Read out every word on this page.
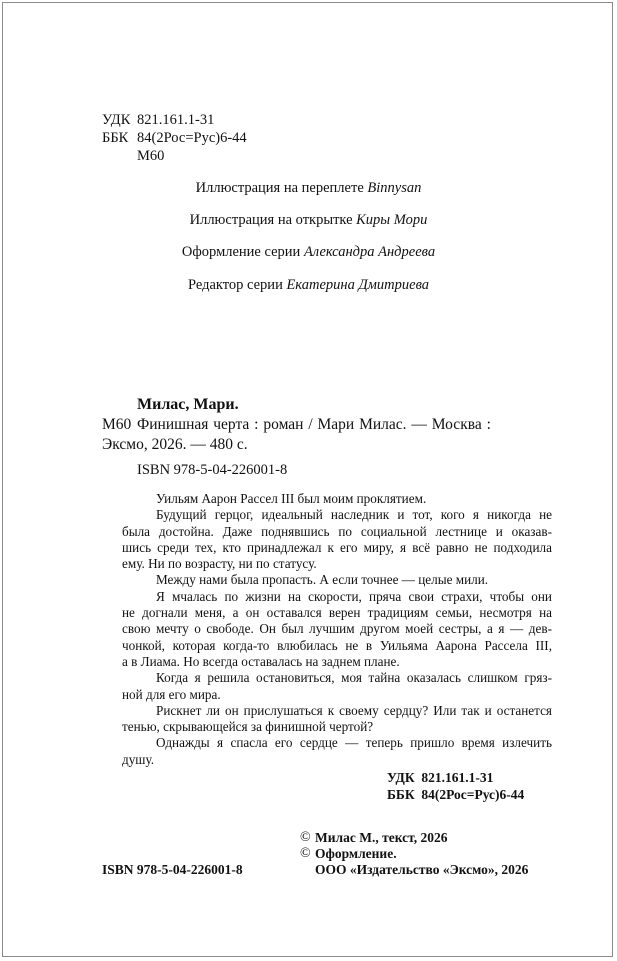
УДК 821.161.1-31
ББК 84(2Рос=Рус)6-44
М60
Иллюстрация на переплете Віnnysan
Иллюстрация на открытке Киры Мори
Оформление серии Александра Андреева
Редактор серии Екатерина Дмитриева
Милас, Мари.
М60 Финишная черта : роман / Мари Милас. — Москва :
Эксмо, 2026. — 480 с.
ISBN 978-5-04-226001-8
Уильям Аарон Рассел III был моим проклятием.
Будущий герцог, идеальный наследник и тот, кого я никогда не
была достойна. Даже поднявшись по социальной лестнице и оказав-
шись среди тех, кто принадлежал к его миру, я всё равно не подходила
ему. Ни по возрасту, ни по статусу.
Между нами была пропасть. А если точнее — целые мили.
Я мчалась по жизни на скорости, пряча свои страхи, чтобы они
не догнали меня, а он оставался верен традициям семьи, несмотря на
свою мечту о свободе. Он был лучшим другом моей сестры, а я — дев-
чонкой, которая когда-то влюбилась не в Уильяма Аарона Рассела III,
а в Лиама. Но всегда оставалась на заднем плане.
Когда я решила остановиться, моя тайна оказалась слишком гряз-
ной для его мира.
Рискнет ли он прислушаться к своему сердцу? Или так и останется
тенью, скрывающейся за финишной чертой?
Однажды я спасла его сердце — теперь пришло время излечить
душу.
УДК  821.161.1-31
ББК  84(2Рос=Рус)6-44
© Милас М., текст, 2026
© Оформление.
ООО «Издательство «Эксмо», 2026
ISBN 978-5-04-226001-8
